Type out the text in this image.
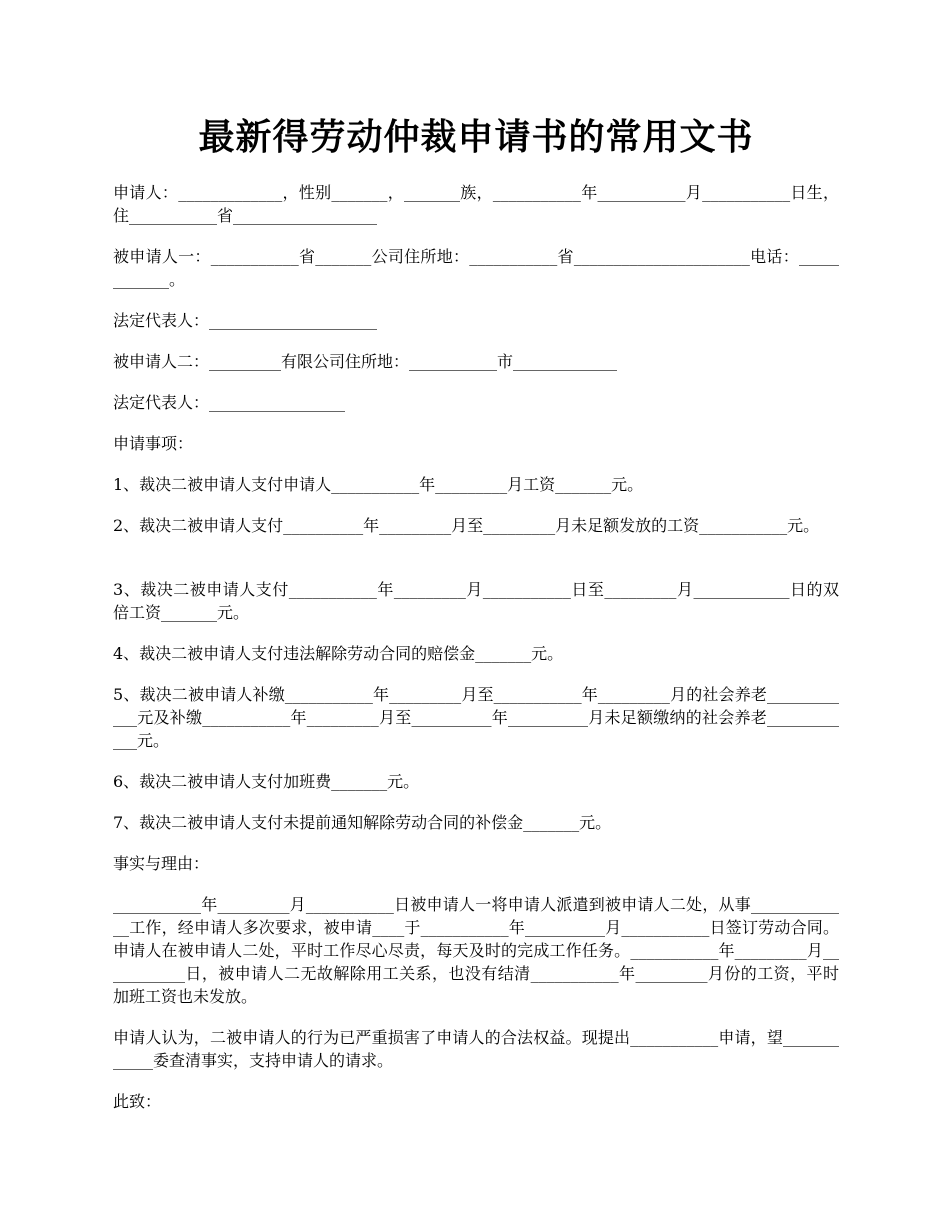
最新得劳动仲裁申请书的常用文书

申请人：_____________，性别_______，_______族，___________年___________月___________日生，住___________省__________________

被申请人一：___________省_______公司住所地：___________省______________________电话：____________。

法定代表人：_____________________

被申请人二：_________有限公司住所地：___________市_____________

法定代表人：_________________

申请事项：

1、裁决二被申请人支付申请人___________年_________月工资_______元。

2、裁决二被申请人支付__________年_________月至_________月未足额发放的工资___________元。

3、裁决二被申请人支付___________年_________月___________日至_________月____________日的双倍工资_______元。

4、裁决二被申请人支付违法解除劳动合同的赔偿金_______元。

5、裁决二被申请人补缴___________年_________月至___________年_________月的社会养老____________元及补缴___________年_________月至__________年__________月未足额缴纳的社会养老____________元。

6、裁决二被申请人支付加班费_______元。

7、裁决二被申请人支付未提前通知解除劳动合同的补偿金_______元。

事实与理由：

___________年_________月___________日被申请人一将申请人派遣到被申请人二处，从事_____________工作，经申请人多次要求，被申请____于___________年__________月___________日签订劳动合同。申请人在被申请人二处，平时工作尽心尽责，每天及时的完成工作任务。___________年_________月___________日，被申请人二无故解除用工关系，也没有结清___________年_________月份的工资，平时加班工资也未发放。

申请人认为，二被申请人的行为已严重损害了申请人的合法权益。现提出___________申请，望____________委查清事实，支持申请人的请求。

此致：
